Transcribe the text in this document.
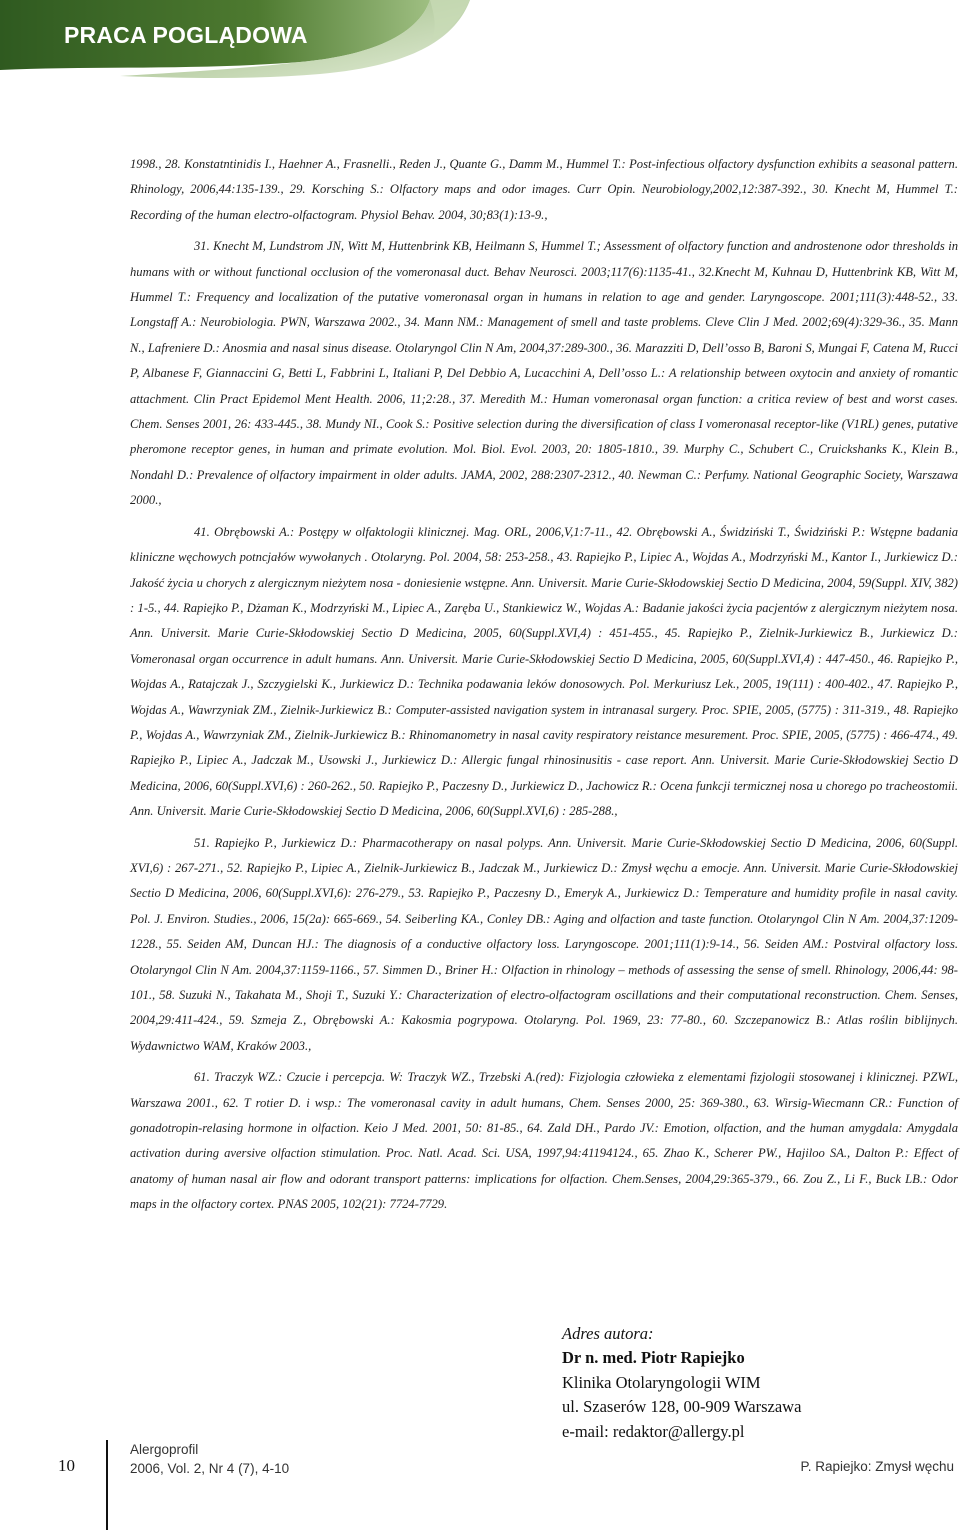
PRACA POGLĄDOWA

1998., 28. Konstatntinidis I., Haehner A., Frasnelli., Reden J., Quante G., Damm M., Hummel T.: Post-infectious olfactory dysfunction exhibits a seasonal pattern. Rhinology, 2006,44:135-139., 29. Korsching S.: Olfactory maps and odor images. Curr Opin. Neurobiology,2002,12:387-392., 30. Knecht M, Hummel T.: Recording of the human electro-olfactogram. Physiol Behav. 2004, 30;83(1):13-9.,

31. Knecht M, Lundstrom JN, Witt M, Huttenbrink KB, Heilmann S, Hummel T.; Assessment of olfactory function and androstenone odor thresholds in humans with or without functional occlusion of the vomeronasal duct. Behav Neurosci. 2003;117(6):1135-41., 32.Knecht M, Kuhnau D, Huttenbrink KB, Witt M, Hummel T.: Frequency and localization of the putative vomeronasal organ in humans in relation to age and gender. Laryngoscope. 2001;111(3):448-52., 33. Longstaff A.: Neurobiologia. PWN, Warszawa 2002., 34. Mann NM.: Management of smell and taste problems. Cleve Clin J Med. 2002;69(4):329-36., 35. Mann N., Lafreniere D.: Anosmia and nasal sinus disease. Otolaryngol Clin N Am, 2004,37:289-300., 36. Marazziti D, Dell’osso B, Baroni S, Mungai F, Catena M, Rucci P, Albanese F, Giannaccini G, Betti L, Fabbrini L, Italiani P, Del Debbio A, Lucacchini A, Dell’osso L.: A relationship between oxytocin and anxiety of romantic attachment. Clin Pract Epidemol Ment Health. 2006, 11;2:28., 37. Meredith M.: Human vomeronasal organ function: a critica review of best and worst cases. Chem. Senses 2001, 26: 433-445., 38. Mundy NI., Cook S.: Positive selection during the diversification of class I vomeronasal receptor-like (V1RL) genes, putative pheromone receptor genes, in human and primate evolution. Mol. Biol. Evol. 2003, 20: 1805-1810., 39. Murphy C., Schubert C., Cruickshanks K., Klein B., Nondahl D.: Prevalence of olfactory impairment in older adults. JAMA, 2002, 288:2307-2312., 40. Newman C.: Perfumy. National Geographic Society, Warszawa 2000.,

41. Obrębowski A.: Postępy w olfaktologii klinicznej. Mag. ORL, 2006,V,1:7-11., 42. Obrębowski A., Świdziński T., Świdziński P.: Wstępne badania kliniczne węchowych potncjałów wywołanych . Otolaryng. Pol. 2004, 58: 253-258., 43. Rapiejko P., Lipiec A., Wojdas A., Modrzyński M., Kantor I., Jurkiewicz D.: Jakość życia u chorych z alergicznym nieżytem nosa - doniesienie wstępne. Ann. Universit. Marie Curie-Skłodowskiej Sectio D Medicina, 2004, 59(Suppl. XIV, 382) : 1-5., 44. Rapiejko P., Dżaman K., Modrzyński M., Lipiec A., Zaręba U., Stankiewicz W., Wojdas A.: Badanie jakości życia pacjentów z alergicznym nieżytem nosa. Ann. Universit. Marie Curie-Skłodowskiej Sectio D Medicina, 2005, 60(Suppl.XVI,4) : 451-455., 45. Rapiejko P., Zielnik-Jurkiewicz B., Jurkiewicz D.: Vomeronasal organ occurrence in adult humans. Ann. Universit. Marie Curie-Skłodowskiej Sectio D Medicina, 2005, 60(Suppl.XVI,4) : 447-450., 46. Rapiejko P., Wojdas A., Ratajczak J., Szczygielski K., Jurkiewicz D.: Technika podawania leków donosowych. Pol. Merkuriusz Lek., 2005, 19(111) : 400-402., 47. Rapiejko P., Wojdas A., Wawrzyniak ZM., Zielnik-Jurkiewicz B.: Computer-assisted navigation system in intranasal surgery. Proc. SPIE, 2005, (5775) : 311-319., 48. Rapiejko P., Wojdas A., Wawrzyniak ZM., Zielnik-Jurkiewicz B.: Rhinomanometry in nasal cavity respiratory reistance mesurement. Proc. SPIE, 2005, (5775) : 466-474., 49. Rapiejko P., Lipiec A., Jadczak M., Usowski J., Jurkiewicz D.: Allergic fungal rhinosinusitis - case report. Ann. Universit. Marie Curie-Skłodowskiej Sectio D Medicina, 2006, 60(Suppl.XVI,6) : 260-262., 50. Rapiejko P., Paczesny D., Jurkiewicz D., Jachowicz R.: Ocena funkcji termicznej nosa u chorego po tracheostomii. Ann. Universit. Marie Curie-Skłodowskiej Sectio D Medicina, 2006, 60(Suppl.XVI,6) : 285-288.,

51. Rapiejko P., Jurkiewicz D.: Pharmacotherapy on nasal polyps. Ann. Universit. Marie Curie-Skłodowskiej Sectio D Medicina, 2006, 60(Suppl. XVI,6) : 267-271., 52. Rapiejko P., Lipiec A., Zielnik-Jurkiewicz B., Jadczak M., Jurkiewicz D.: Zmysł węchu a emocje. Ann. Universit. Marie Curie-Skłodowskiej Sectio D Medicina, 2006, 60(Suppl.XVI,6): 276-279., 53. Rapiejko P., Paczesny D., Emeryk A., Jurkiewicz D.: Temperature and humidity profile in nasal cavity. Pol. J. Environ. Studies., 2006, 15(2a): 665-669., 54. Seiberling KA., Conley DB.: Aging and olfaction and taste function. Otolaryngol Clin N Am. 2004,37:1209-1228., 55. Seiden AM, Duncan HJ.: The diagnosis of a conductive olfactory loss. Laryngoscope. 2001;111(1):9-14., 56. Seiden AM.: Postviral olfactory loss. Otolaryngol Clin N Am. 2004,37:1159-1166., 57. Simmen D., Briner H.: Olfaction in rhinology – methods of assessing the sense of smell. Rhinology, 2006,44: 98-101., 58. Suzuki N., Takahata M., Shoji T., Suzuki Y.: Characterization of electro-olfactogram oscillations and their computational reconstruction. Chem. Senses, 2004,29:411-424., 59. Szmeja Z., Obrębowski A.: Kakosmia pogrypowa. Otolaryng. Pol. 1969, 23: 77-80., 60. Szczepanowicz B.: Atlas roślin biblijnych. Wydawnictwo WAM, Kraków 2003.,

61. Traczyk WZ.: Czucie i percepcja. W: Traczyk WZ., Trzebski A.(red): Fizjologia człowieka z elementami fizjologii stosowanej i klinicznej. PZWL, Warszawa 2001., 62. T rotier D. i wsp.: The vomeronasal cavity in adult humans, Chem. Senses 2000, 25: 369-380., 63. Wirsig-Wiecmann CR.: Function of gonadotropin-relasing hormone in olfaction. Keio J Med. 2001, 50: 81-85., 64. Zald DH., Pardo JV.: Emotion, olfaction, and the human amygdala: Amygdala activation during aversive olfaction stimulation. Proc. Natl. Acad. Sci. USA, 1997,94:41194124., 65. Zhao K., Scherer PW., Hajiloo SA., Dalton P.: Effect of anatomy of human nasal air flow and odorant transport patterns: implications for olfaction. Chem.Senses, 2004,29:365-379., 66. Zou Z., Li F., Buck LB.: Odor maps in the olfactory cortex. PNAS 2005, 102(21): 7724-7729.

Adres autora:
Dr n. med. Piotr Rapiejko
Klinika Otolaryngologii WIM
ul. Szaserów 128, 00-909 Warszawa
e-mail: redaktor@allergy.pl
10
Alergoprofil
2006, Vol. 2, Nr 4 (7), 4-10	P. Rapiejko: Zmysł węchu
